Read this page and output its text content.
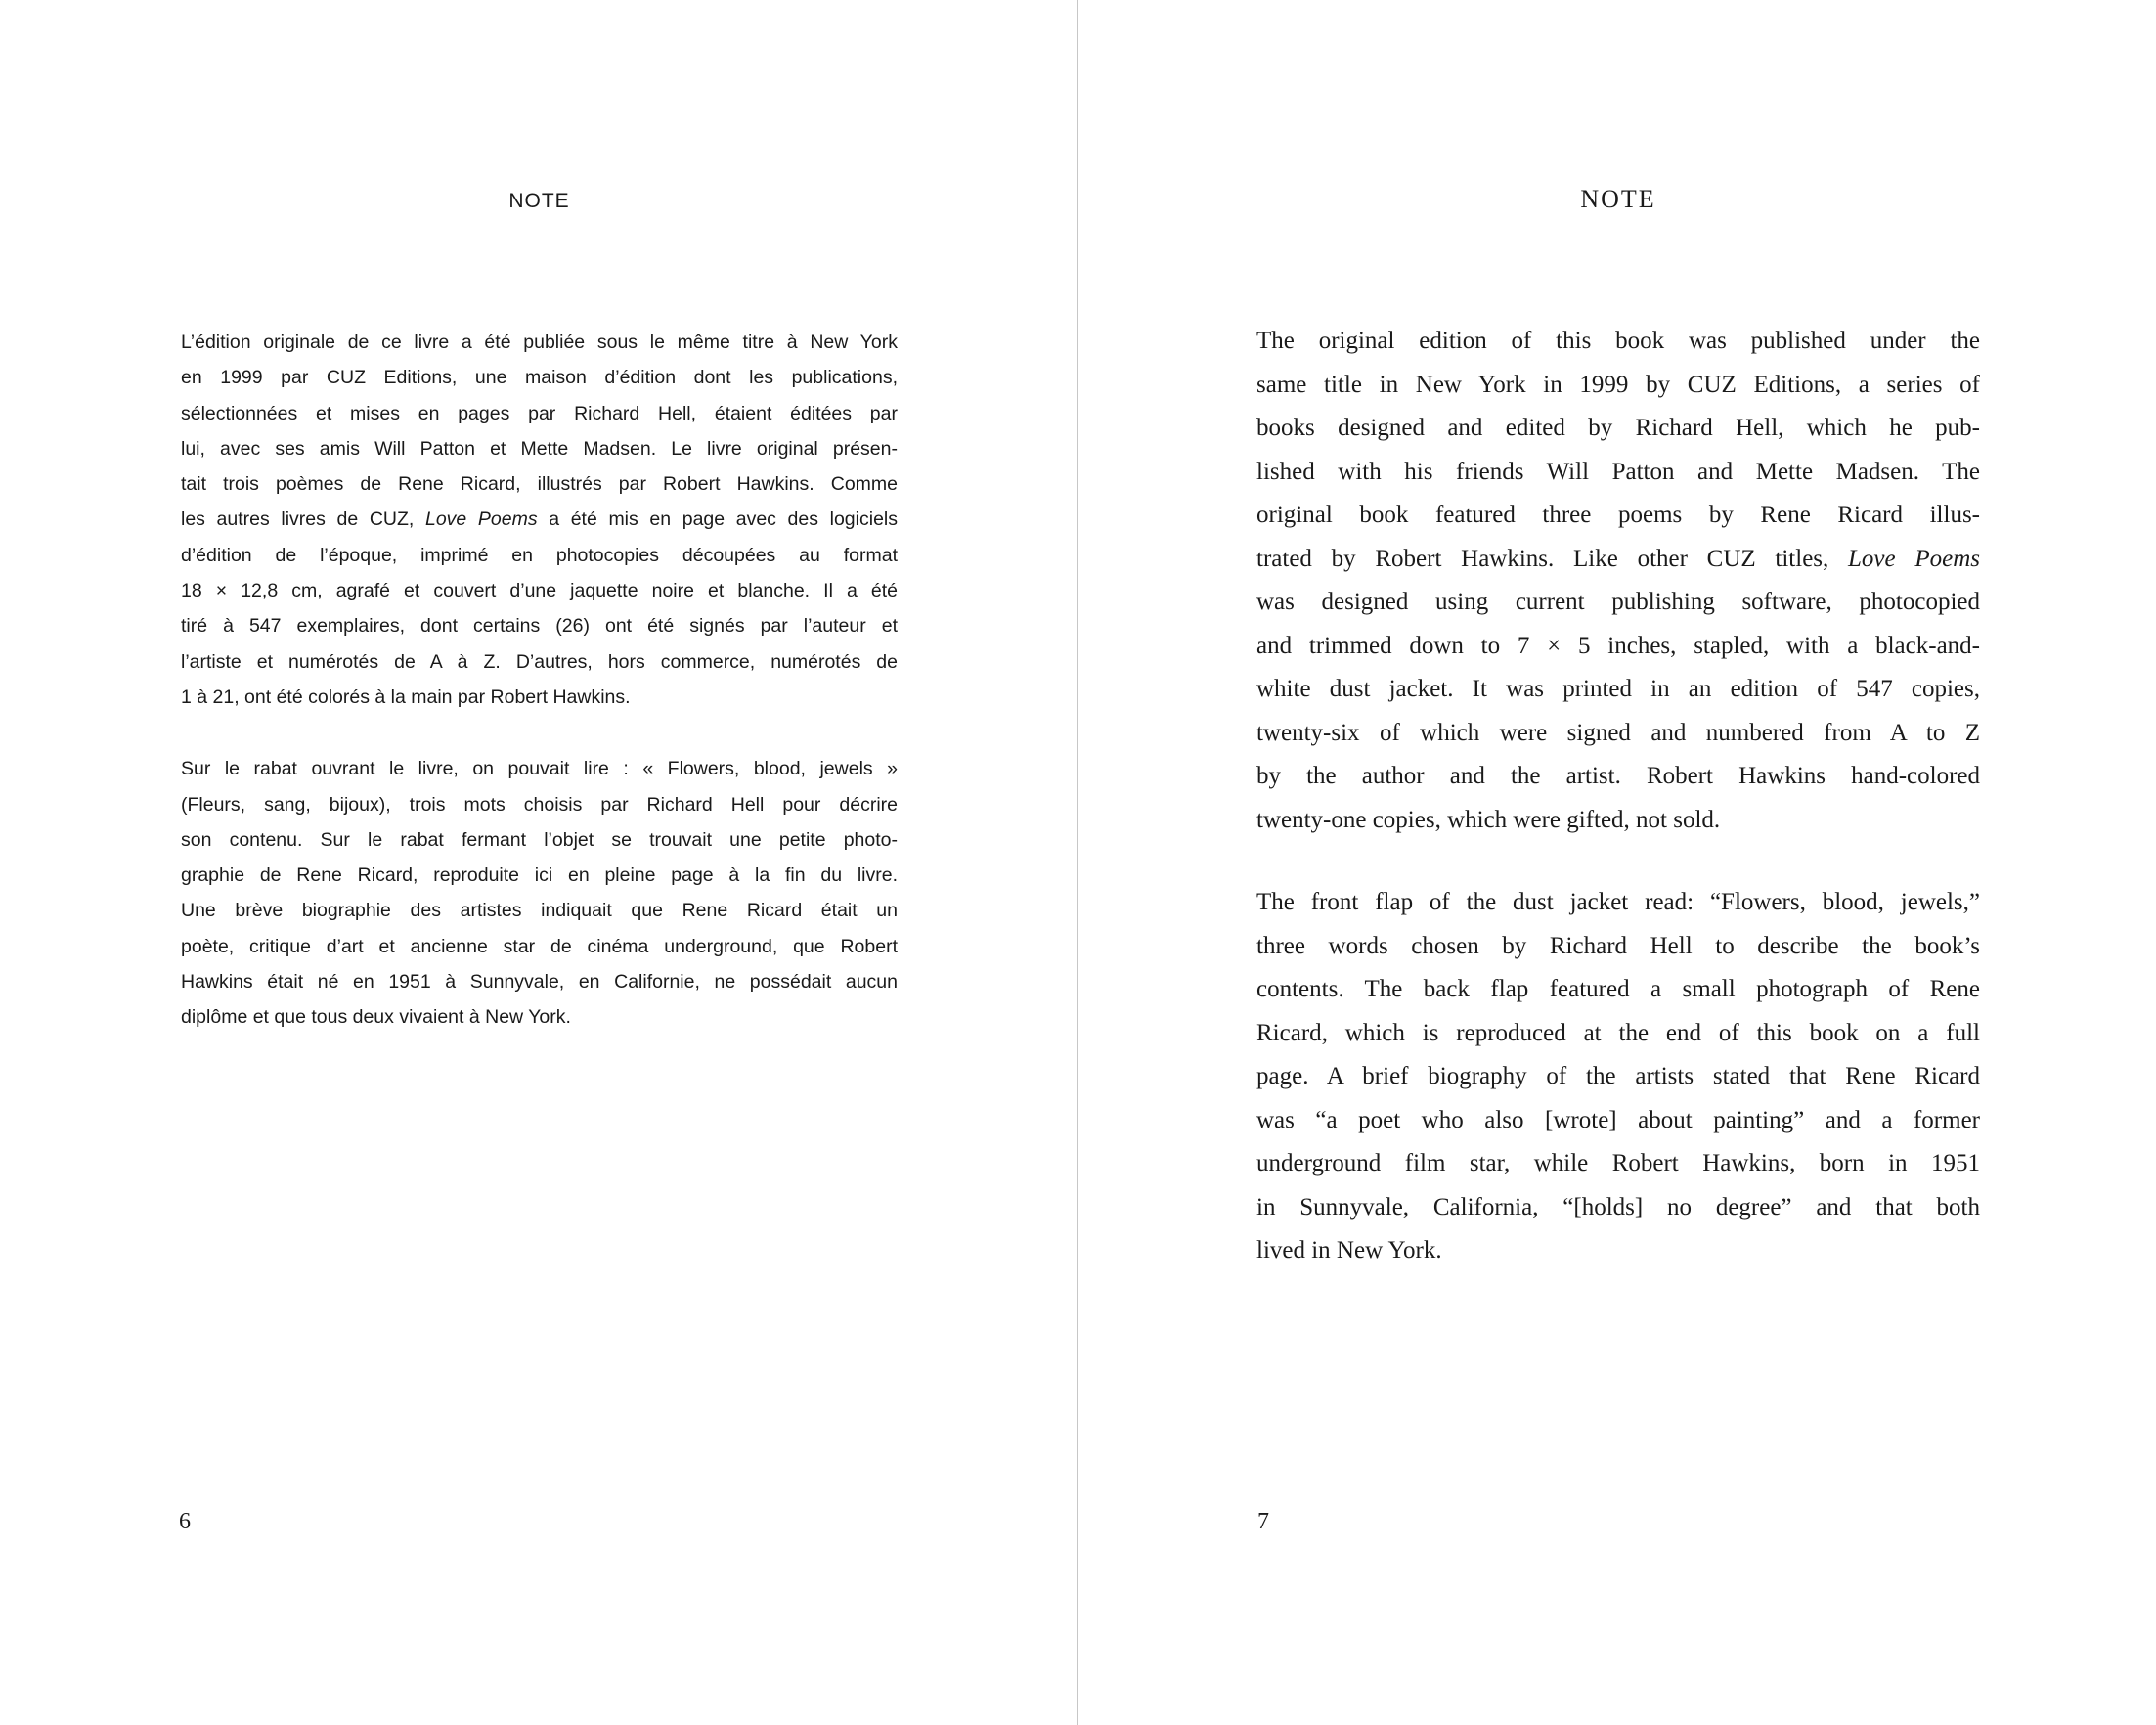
NOTE
L’édition originale de ce livre a été publiée sous le même titre à New York
en 1999 par CUZ Editions, une maison d’édition dont les publications,
sélectionnées et mises en pages par Richard Hell, étaient éditées par
lui, avec ses amis Will Patton et Mette Madsen. Le livre original présen-
tait trois poèmes de Rene Ricard, illustrés par Robert Hawkins. Comme
les autres livres de CUZ, Love Poems a été mis en page avec des logiciels
d’édition de l’époque, imprimé en photocopies découpées au format
18 × 12,8 cm, agrafé et couvert d’une jaquette noire et blanche. Il a été
tiré à 547 exemplaires, dont certains (26) ont été signés par l’auteur et
l’artiste et numérotés de A à Z. D’autres, hors commerce, numérotés de
1 à 21, ont été colorés à la main par Robert Hawkins.
Sur le rabat ouvrant le livre, on pouvait lire : « Flowers, blood, jewels »
(Fleurs, sang, bijoux), trois mots choisis par Richard Hell pour décrire
son contenu. Sur le rabat fermant l’objet se trouvait une petite photo-
graphie de Rene Ricard, reproduite ici en pleine page à la fin du livre.
Une brève biographie des artistes indiquait que Rene Ricard était un
poète, critique d’art et ancienne star de cinéma underground, que Robert
Hawkins était né en 1951 à Sunnyvale, en Californie, ne possédait aucun
diplôme et que tous deux vivaient à New York.
6
NOTE
The original edition of this book was published under the
same title in New York in 1999 by CUZ Editions, a series of
books designed and edited by Richard Hell, which he pub-
lished with his friends Will Patton and Mette Madsen. The
original book featured three poems by Rene Ricard illus-
trated by Robert Hawkins. Like other CUZ titles, Love Poems
was designed using current publishing software, photocopied
and trimmed down to 7 × 5 inches, stapled, with a black-and-
white dust jacket. It was printed in an edition of 547 copies,
twenty-six of which were signed and numbered from A to Z
by the author and the artist. Robert Hawkins hand-colored
twenty-one copies, which were gifted, not sold.
The front flap of the dust jacket read: “Flowers, blood, jewels,”
three words chosen by Richard Hell to describe the book’s
contents. The back flap featured a small photograph of Rene
Ricard, which is reproduced at the end of this book on a full
page. A brief biography of the artists stated that Rene Ricard
was “a poet who also [wrote] about painting” and a former
underground film star, while Robert Hawkins, born in 1951
in Sunnyvale, California, “[holds] no degree” and that both
lived in New York.
7
